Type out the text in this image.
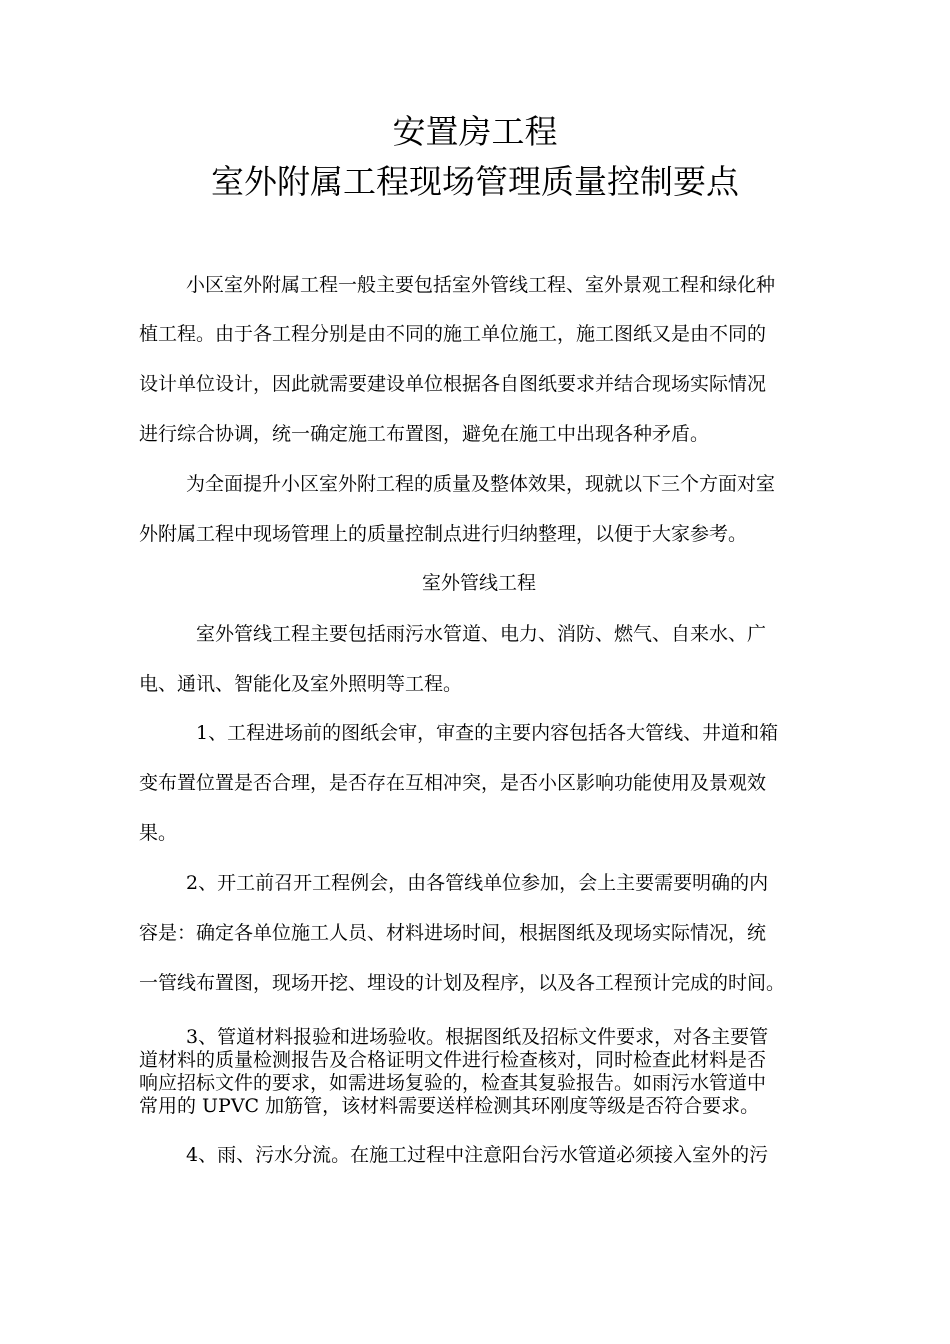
安置房工程
室外附属工程现场管理质量控制要点
小区室外附属工程一般主要包括室外管线工程、室外景观工程和绿化种
植工程。由于各工程分别是由不同的施工单位施工，施工图纸又是由不同的
设计单位设计，因此就需要建设单位根据各自图纸要求并结合现场实际情况
进行综合协调，统一确定施工布置图，避免在施工中出现各种矛盾。
为全面提升小区室外附工程的质量及整体效果，现就以下三个方面对室
外附属工程中现场管理上的质量控制点进行归纳整理，以便于大家参考。
室外管线工程
室外管线工程主要包括雨污水管道、电力、消防、燃气、自来水、广
电、通讯、智能化及室外照明等工程。
1、工程进场前的图纸会审，审查的主要内容包括各大管线、井道和箱
变布置位置是否合理，是否存在互相冲突，是否小区影响功能使用及景观效
果。
2、开工前召开工程例会，由各管线单位参加，会上主要需要明确的内
容是：确定各单位施工人员、材料进场时间，根据图纸及现场实际情况，统
一管线布置图，现场开挖、埋设的计划及程序，以及各工程预计完成的时间。
3、管道材料报验和进场验收。根据图纸及招标文件要求，对各主要管
道材料的质量检测报告及合格证明文件进行检查核对，同时检查此材料是否
响应招标文件的要求，如需进场复验的，检查其复验报告。如雨污水管道中
常用的 UPVC 加筋管，该材料需要送样检测其环刚度等级是否符合要求。
4、雨、污水分流。在施工过程中注意阳台污水管道必须接入室外的污
